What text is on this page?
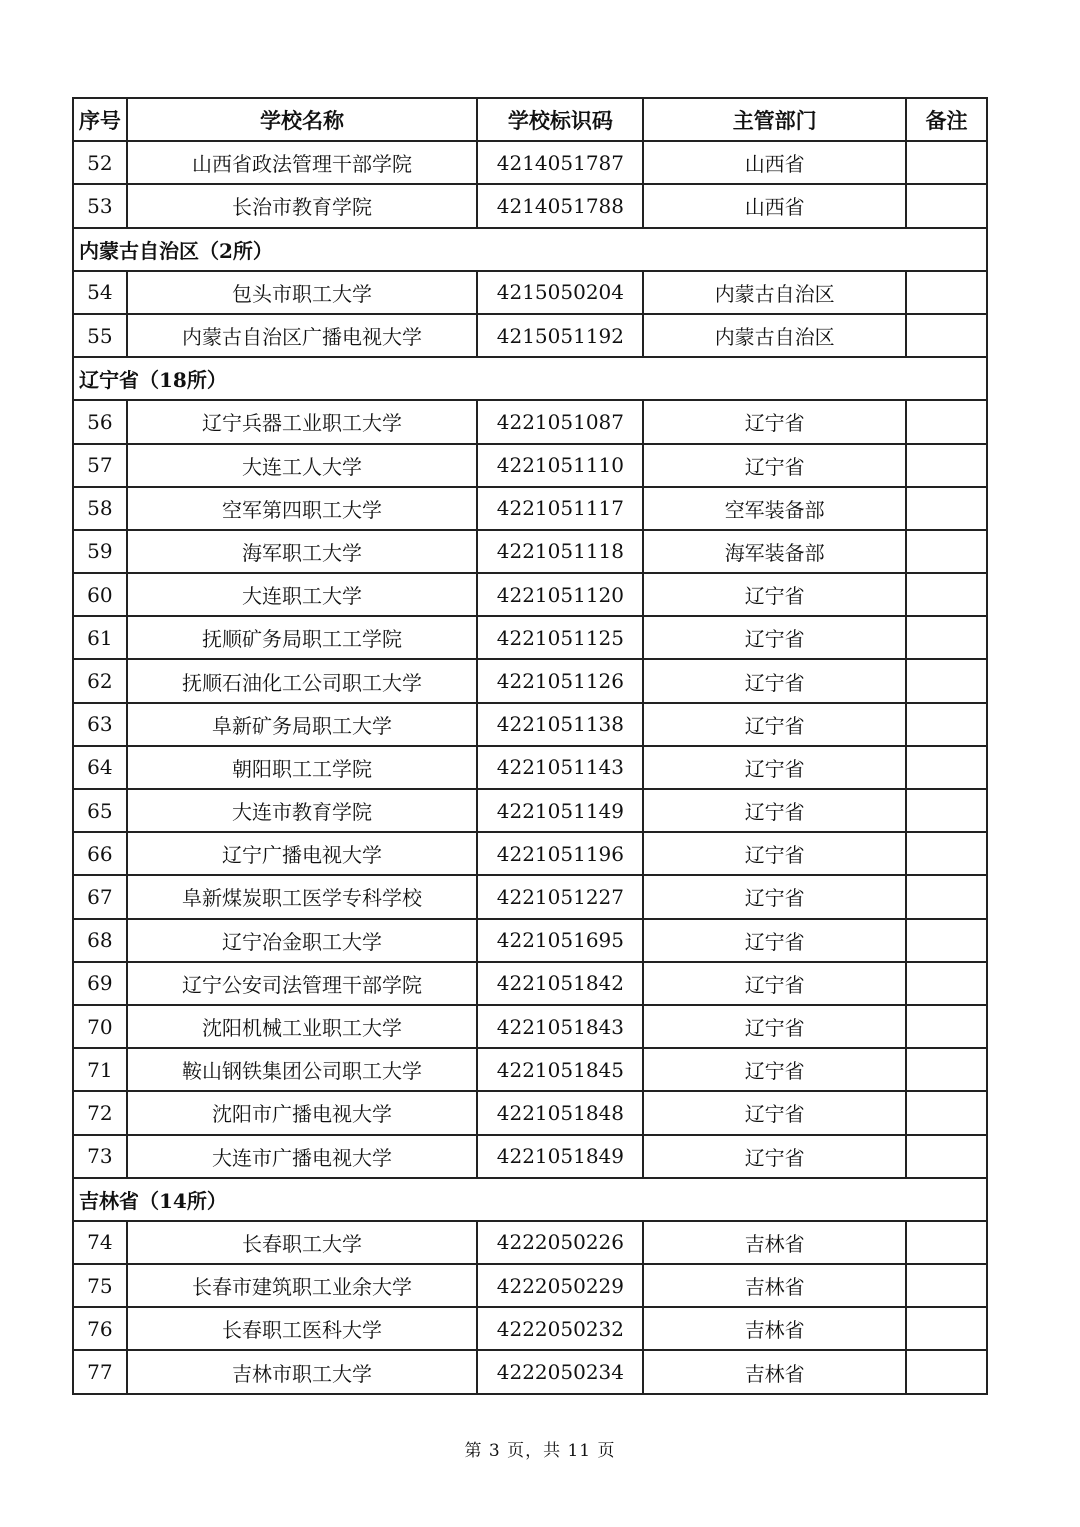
序号	学校名称	学校标识码	主管部门	备注
52	山西省政法管理干部学院	4214051787	山西省	
53	长治市教育学院	4214051788	山西省	
内蒙古自治区（2所）				
54	包头市职工大学	4215050204	内蒙古自治区	
55	内蒙古自治区广播电视大学	4215051192	内蒙古自治区	
辽宁省（18所）				
56	辽宁兵器工业职工大学	4221051087	辽宁省	
57	大连工人大学	4221051110	辽宁省	
58	空军第四职工大学	4221051117	空军装备部	
59	海军职工大学	4221051118	海军装备部	
60	大连职工大学	4221051120	辽宁省	
61	抚顺矿务局职工工学院	4221051125	辽宁省	
62	抚顺石油化工公司职工大学	4221051126	辽宁省	
63	阜新矿务局职工大学	4221051138	辽宁省	
64	朝阳职工工学院	4221051143	辽宁省	
65	大连市教育学院	4221051149	辽宁省	
66	辽宁广播电视大学	4221051196	辽宁省	
67	阜新煤炭职工医学专科学校	4221051227	辽宁省	
68	辽宁冶金职工大学	4221051695	辽宁省	
69	辽宁公安司法管理干部学院	4221051842	辽宁省	
70	沈阳机械工业职工大学	4221051843	辽宁省	
71	鞍山钢铁集团公司职工大学	4221051845	辽宁省	
72	沈阳市广播电视大学	4221051848	辽宁省	
73	大连市广播电视大学	4221051849	辽宁省	
吉林省（14所）				
74	长春职工大学	4222050226	吉林省	
75	长春市建筑职工业余大学	4222050229	吉林省	
76	长春职工医科大学	4222050232	吉林省	
77	吉林市职工大学	4222050234	吉林省	
第 3 页，共 11 页
